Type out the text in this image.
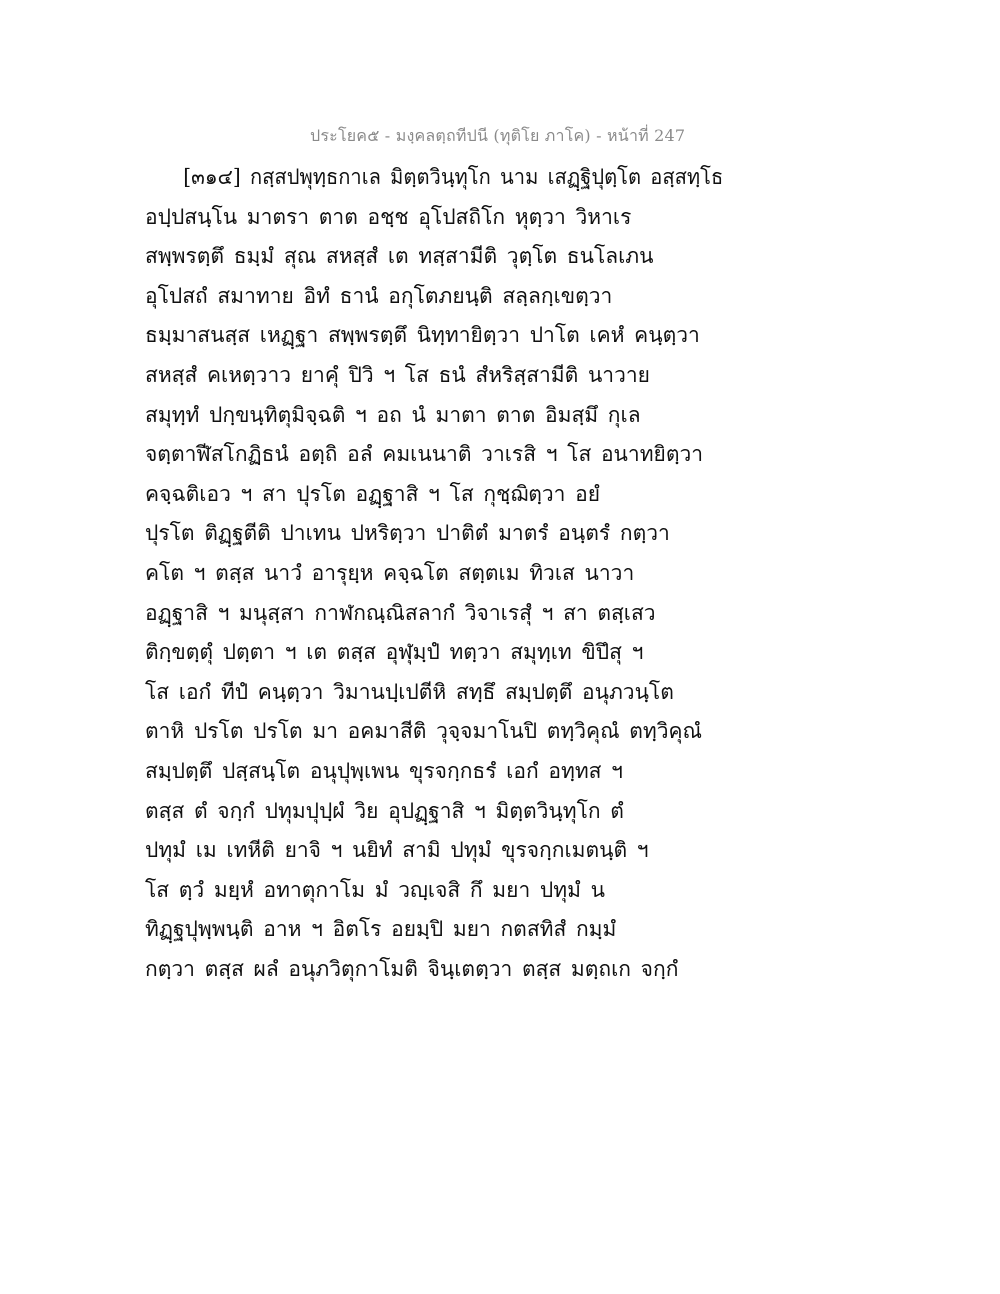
ประโยค๕ - มงฺคลตฺถทีปนี (ทุติโย ภาโค) - หน้าที่ 247
[๓๑๔] กสฺสปพุทฺธกาเล มิตฺตวินฺทุโก นาม เสฏฺฐิปุตฺโต อสฺสทฺโธ
อปฺปสนฺโน มาตรา ตาต อชฺช อุโปสถิโก หุตฺวา วิหาเร
สพฺพรตฺตึ ธมฺมํ สุณ สหสฺสํ เต ทสฺสามีติ วุตฺโต ธนโลเภน
อุโปสถํ สมาทาย อิทํ ธานํ อกุโตภยนฺติ สลฺลกฺเขตฺวา
ธมฺมาสนสฺส เหฏฺฐา สพฺพรตฺตึ นิทฺทายิตฺวา ปาโต เคหํ คนฺตฺวา
สหสฺสํ คเหตฺวาว ยาคุํ ปิวิ ฯ โส ธนํ สํหริสฺสามีติ นาวาย
สมุทฺทํ ปกฺขนฺทิตุมิจฺฉติ ฯ อถ นํ มาตา ตาต อิมสฺมึ กุเล
จตฺตาฬีสโกฏิธนํ อตฺถิ อลํ คมเนนาติ วาเรสิ ฯ โส อนาทยิตฺวา
คจฺฉติเอว ฯ สา ปุรโต อฏฺฐาสิ ฯ โส กุชฺฌิตฺวา อยํ
ปุรโต ติฏฺฐตีติ ปาเทน ปหริตฺวา ปาติตํ มาตรํ อนฺตรํ กตฺวา
คโต ฯ ตสฺส นาวํ อารุยฺห คจฺฉโต สตฺตเม ทิวเส นาวา
อฏฺฐาสิ ฯ มนุสฺสา กาฬกณฺณิสลากํ วิจาเรสุํ ฯ สา ตสฺเสว
ติกฺขตฺตุํ ปตฺตา ฯ เต ตสฺส อุฬุมฺปํ ทตฺวา สมุทฺเท ขิปึสุ ฯ
โส เอกํ ทีปํ คนฺตฺวา วิมานปฺเปตีหิ สทฺธึ สมฺปตฺตึ อนุภวนฺโต
ตาหิ ปรโต ปรโต มา อคมาสีติ วุจฺจมาโนปิ ตทฺวิคุณํ ตทฺวิคุณํ
สมฺปตฺตึ ปสฺสนฺโต อนุปุพฺเพน ขุรจกฺกธรํ เอกํ อทฺทส ฯ
ตสฺส ตํ จกฺกํ ปทุมปุปฺผํ วิย อุปฏฺฐาสิ ฯ มิตฺตวินฺทุโก ตํ
ปทุมํ เม เทหีติ ยาจิ ฯ นยิทํ สามิ ปทุมํ ขุรจกฺกเมตนฺติ ฯ
โส ตฺวํ มยฺหํ อทาตุกาโม มํ วญฺเจสิ กึ มยา ปทุมํ น
ทิฏฺฐปุพฺพนฺติ อาห ฯ อิตโร อยมฺปิ มยา กตสทิสํ กมฺมํ
กตฺวา ตสฺส ผลํ อนุภวิตุกาโมติ จินฺเตตฺวา ตสฺส มตฺถเก จกฺกํ
